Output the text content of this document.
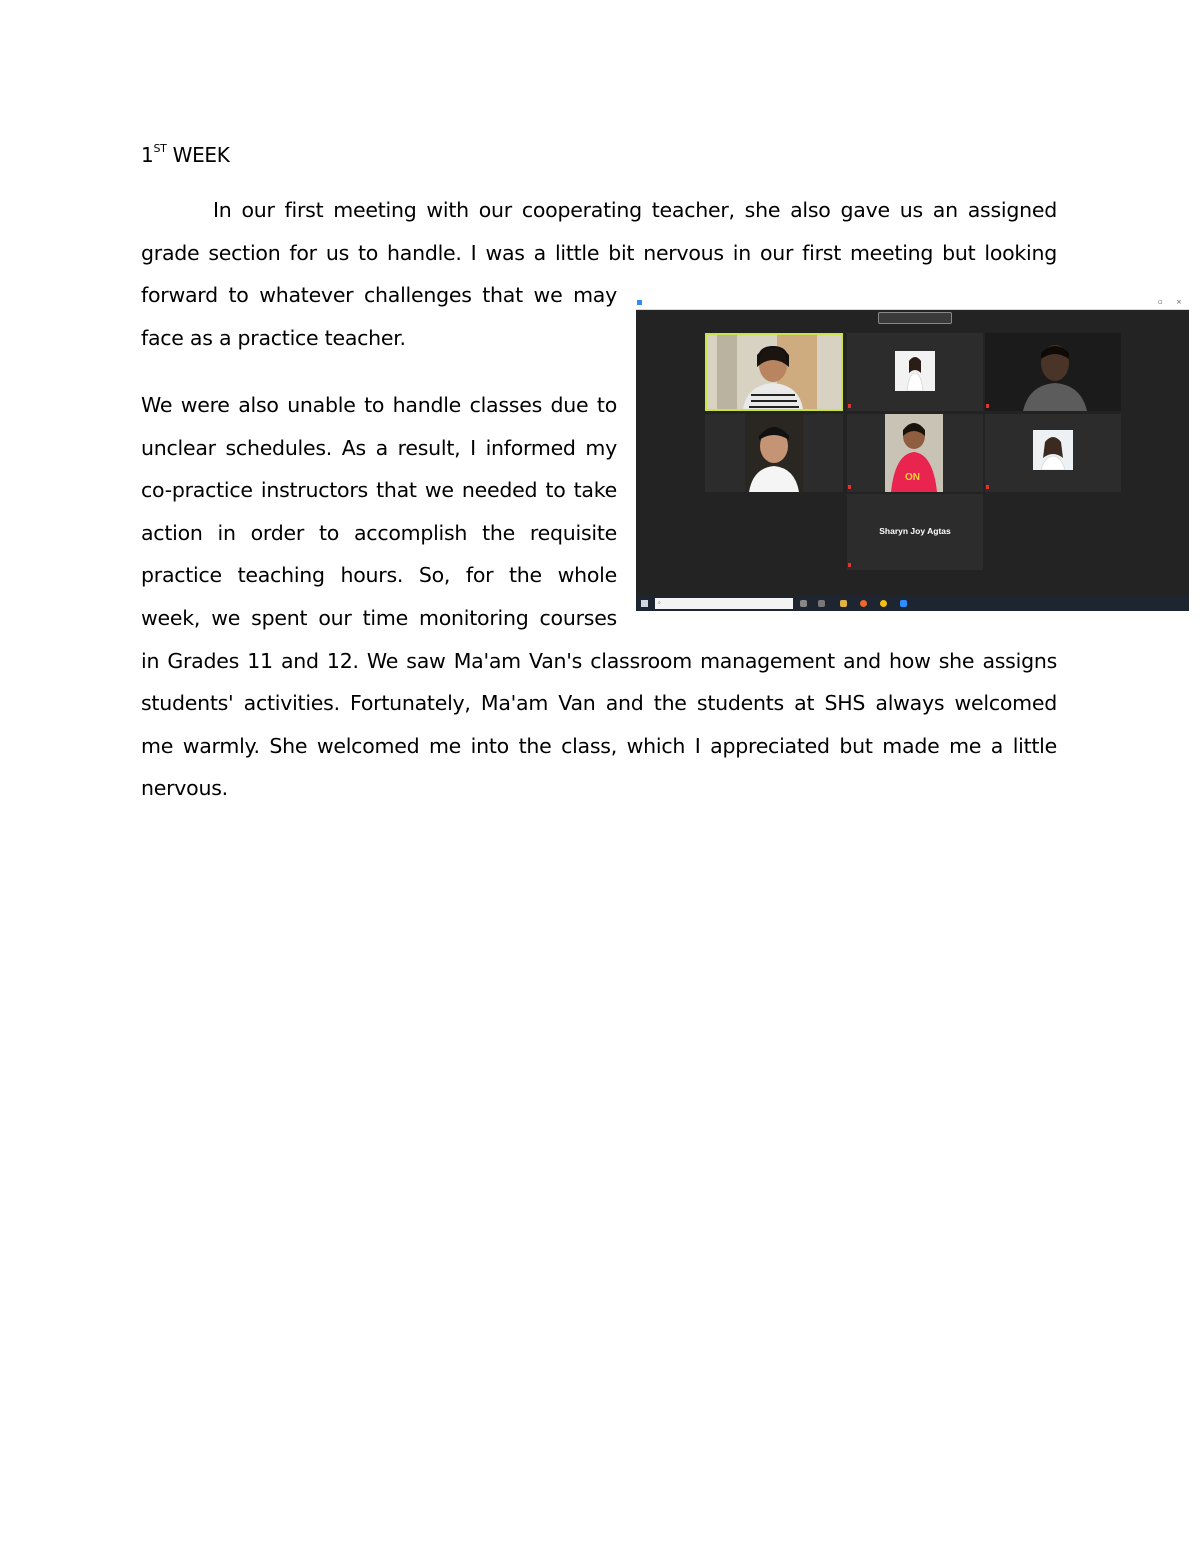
1ST WEEK
In our first meeting with our cooperating teacher, she also gave us an assigned
grade section for us to handle. I was a little bit nervous in our first meeting but looking
forward to whatever challenges that we may
face as a practice teacher.
We were also unable to handle classes due to
unclear schedules. As a result, I informed my
co-practice instructors that we needed to take
action in order to accomplish the requisite
practice teaching hours. So, for the whole
week, we spent our time monitoring courses
in Grades 11 and 12. We saw Ma'am Van's classroom management and how she assigns
students' activities. Fortunately, Ma'am Van and the students at SHS always welcomed
me warmly. She welcomed me into the class, which I appreciated but made me a little
nervous.
▫ ×
ON
Sharyn Joy Agtas
⌕
